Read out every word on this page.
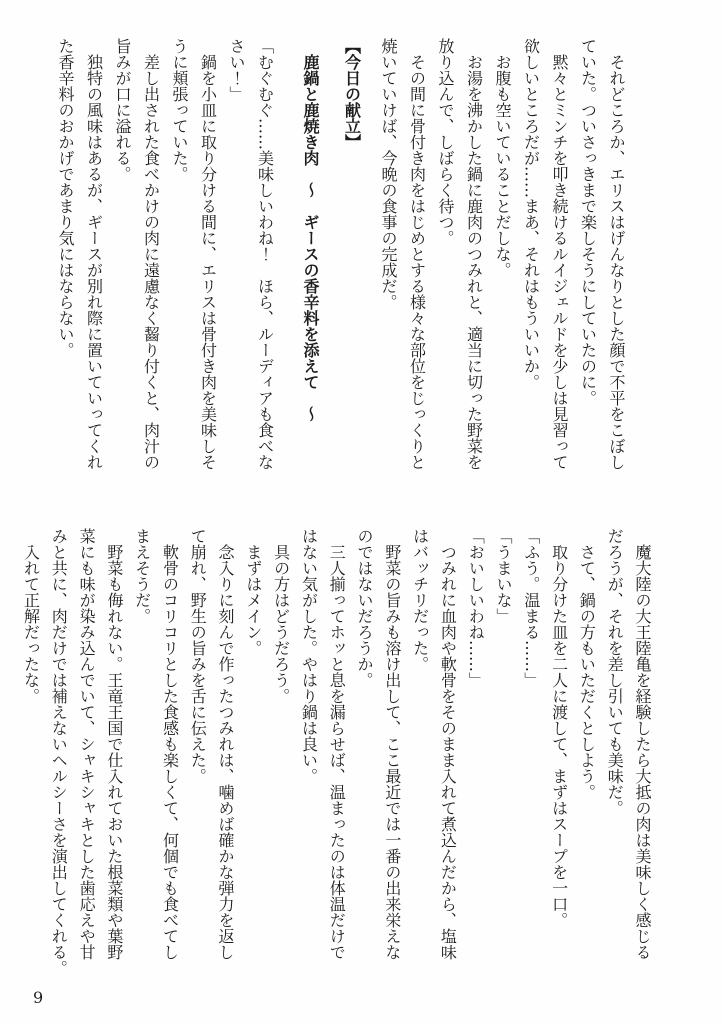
　それどころか、エリスはげんなりとした顔で不平をこぼし

ていた。ついさっきまで楽しそうにしていたのに。

　黙々とミンチを叩き続けるルイジェルドを少しは見習って

欲しいところだが……まあ、それはもういいか。

　お腹も空いていることだしな。

　お湯を沸かした鍋に鹿肉のつみれと、適当に切った野菜を

放り込んで、しばらく待つ。

　その間に骨付き肉をはじめとする様々な部位をじっくりと

焼いていけば、今晩の食事の完成だ。

【今日の献立】

　鹿鍋と鹿焼き肉　～　ギースの香辛料を添えて　～

「むぐむぐ……美味しいわね！　ほら、ルーディアも食べな

さい！」

　鍋を小皿に取り分ける間に、エリスは骨付き肉を美味しそ

うに頬張っていた。

　差し出された食べかけの肉に遠慮なく齧り付くと、肉汁の

旨みが口に溢れる。

　独特の風味はあるが、ギースが別れ際に置いていってくれ

た香辛料のおかげであまり気にはならない。

　魔大陸の大王陸亀を経験したら大抵の肉は美味しく感じる

だろうが、それを差し引いても美味だ。

　さて、鍋の方もいただくとしよう。

　取り分けた皿を二人に渡して、まずはスープを一口。

「ふう。温まる……」

「うまいな」

「おいしいわね……」

　つみれに血肉や軟骨をそのまま入れて煮込んだから、塩味

はバッチリだった。

　野菜の旨みも溶け出して、ここ最近では一番の出来栄えな

のではないだろうか。

　三人揃ってホッと息を漏らせば、温まったのは体温だけで

はない気がした。やはり鍋は良い。

　具の方はどうだろう。

　まずはメイン。

　念入りに刻んで作ったつみれは、噛めば確かな弾力を返し

て崩れ、野生の旨みを舌に伝えた。

　軟骨のコリコリとした食感も楽しくて、何個でも食べてし

まえそうだ。

　野菜も侮れない。王竜王国で仕入れておいた根菜類や葉野

菜にも味が染み込んでいて、シャキシャキとした歯応えや甘

みと共に、肉だけでは補えないヘルシーさを演出してくれる。

　入れて正解だったな。

9
